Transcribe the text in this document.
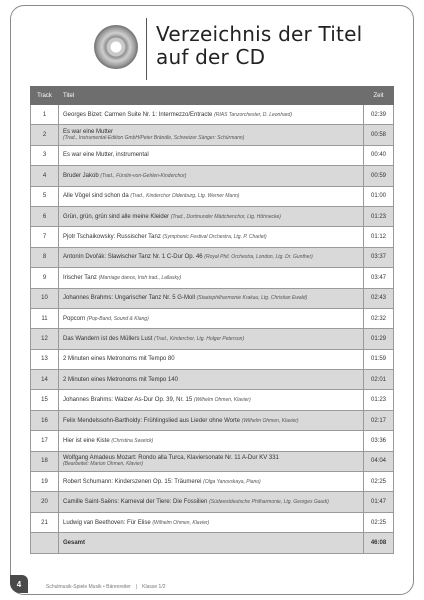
Verzeichnis der Titel
auf der CD
Track	Titel	Zeit
1	Georges Bizet: Carmen Suite Nr. 1: Intermezzo/Entracte (RIAS Tanzorchester, D. Leonhard)	02:39
2	Es war eine Mutter
(Trad., Instrumental-Edition GmbH/Peter Brändle, Schweizer Sänger: Schürmann)	00:58
3	Es war eine Mutter, instrumental	00:40
4	Bruder Jakob (Trad., Fürstin-von-Gehlen-Kinderchor)	00:59
5	Alle Vögel sind schon da (Trad., Kinderchor Oldenburg, Ltg. Werner Mann)	01:00
6	Grün, grün, grün sind alle meine Kleider (Trad., Dortmunder Mädchenchor, Ltg. Höhnecke)	01:23
7	Pjotr Tschaikowsky: Russischer Tanz (Symphonic Festival Orchestra, Ltg. P. Charlet)	01:12
8	Antonín Dvořák: Slawischer Tanz Nr. 1 C-Dur Op. 46 (Royal Phil. Orchestra, London, Ltg. Dr. Gunther)	03:37
9	Irischer Tanz (Marriage dance, Irish trad., Lallasky)	03:47
10	Johannes Brahms: Ungarischer Tanz Nr. 5 G-Moll (Staatsphilharmonie Krakau, Ltg. Christian Ewald)	02:43
11	Popcorn (Pop-Band, Sound & Klang)	02:32
12	Das Wandern ist des Müllers Lust (Trad., Kinderchor, Ltg. Holger Peterson)	01:29
13	2 Minuten eines Metronoms mit Tempo 80	01:59
14	2 Minuten eines Metronoms mit Tempo 140	02:01
15	Johannes Brahms: Walzer As-Dur Op. 39, Nr. 15 (Wilhelm Ohmen, Klavier)	01:23
16	Felix Mendelssohn-Bartholdy: Frühlingslied aus Lieder ohne Worte (Wilhelm Ohmen, Klavier)	02:17
17	Hier ist eine Kiste (Christina Swarick)	03:36
18	Wolfgang Amadeus Mozart: Rondo alla Turca, Klaviersonate Nr. 11 A-Dur KV 331
(Bearbeitet: Marion Ohmen, Klavier)	04:04
19	Robert Schumann: Kinderszenen Op. 15: Träumerei (Olga Yanovskaya, Piano)	02:25
20	Camille Saint-Saëns: Karneval der Tiere: Die Fossilien (Südwestdeutsche Philharmonie, Ltg. Georges Gaudi)	01:47
21	Ludwig van Beethoven: Für Elise (Wilhelm Ohmen, Klavier)	02:25
	Gesamt	46:08
4	Schulmusik-Spiele Musik • Bärenreiter | Klasse 1/2
